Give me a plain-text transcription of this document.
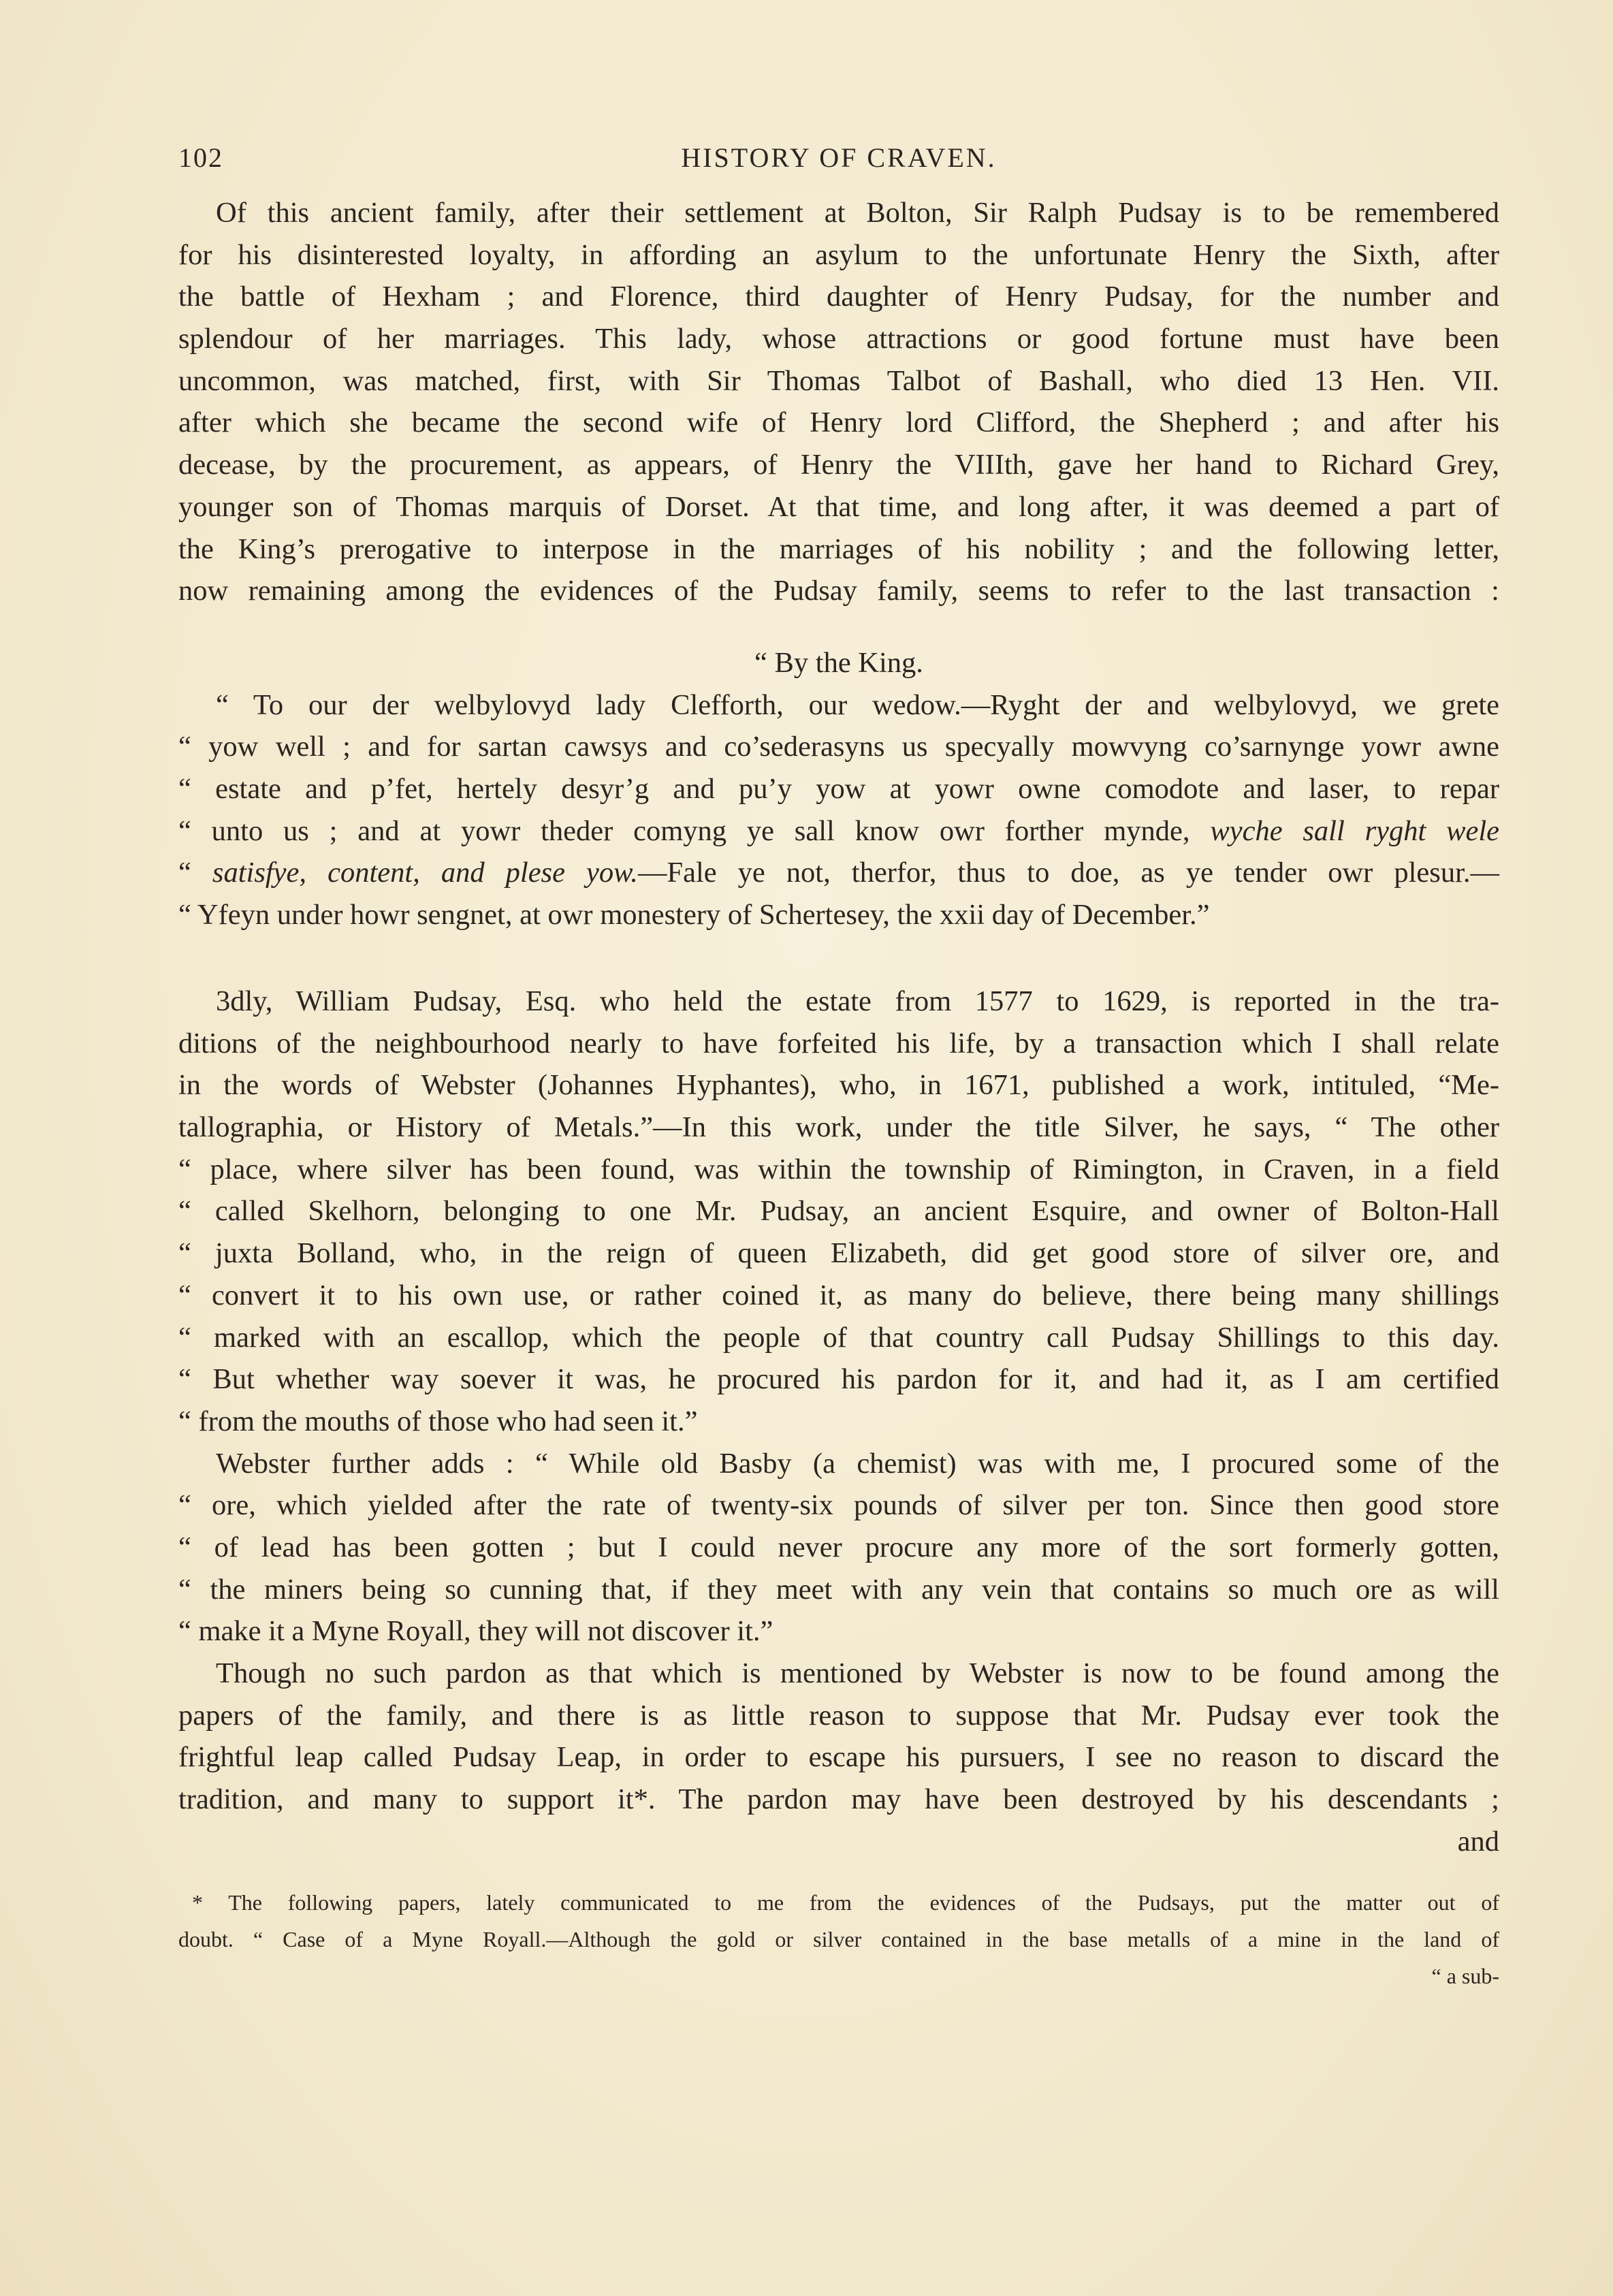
102	HISTORY OF CRAVEN.
Of this ancient family, after their settlement at Bolton, Sir Ralph Pudsay is to be remembered
for his disinterested loyalty, in affording an asylum to the unfortunate Henry the Sixth, after
the battle of Hexham ; and Florence, third daughter of Henry Pudsay, for the number and
splendour of her marriages. This lady, whose attractions or good fortune must have been
uncommon, was matched, first, with Sir Thomas Talbot of Bashall, who died 13 Hen. VII.
after which she became the second wife of Henry lord Clifford, the Shepherd ; and after his
decease, by the procurement, as appears, of Henry the VIIIth, gave her hand to Richard Grey,
younger son of Thomas marquis of Dorset. At that time, and long after, it was deemed a part of
the King’s prerogative to interpose in the marriages of his nobility ; and the following letter,
now remaining among the evidences of the Pudsay family, seems to refer to the last transaction :
“ By the King.
“ To our der welbylovyd lady Clefforth, our wedow.—Ryght der and welbylovyd, we grete
“ yow well ; and for sartan cawsys and co’sederasyns us specyally mowvyng co’sarnynge yowr awne
“ estate and p’fet, hertely desyr’g and pu’y yow at yowr owne comodote and laser, to repar
“ unto us ; and at yowr theder comyng ye sall know owr forther mynde, wyche sall ryght wele
“ satisfye, content, and plese yow.—Fale ye not, therfor, thus to doe, as ye tender owr plesur.—
“ Yfeyn under howr sengnet, at owr monestery of Schertesey, the xxii day of December.”
3dly, William Pudsay, Esq. who held the estate from 1577 to 1629, is reported in the tra-
ditions of the neighbourhood nearly to have forfeited his life, by a transaction which I shall relate
in the words of Webster (Johannes Hyphantes), who, in 1671, published a work, intituled, “Me-
tallographia, or History of Metals.”—In this work, under the title Silver, he says, “ The other
“ place, where silver has been found, was within the township of Rimington, in Craven, in a field
“ called Skelhorn, belonging to one Mr. Pudsay, an ancient Esquire, and owner of Bolton-Hall
“ juxta Bolland, who, in the reign of queen Elizabeth, did get good store of silver ore, and
“ convert it to his own use, or rather coined it, as many do believe, there being many shillings
“ marked with an escallop, which the people of that country call Pudsay Shillings to this day.
“ But whether way soever it was, he procured his pardon for it, and had it, as I am certified
“ from the mouths of those who had seen it.”
Webster further adds : “ While old Basby (a chemist) was with me, I procured some of the
“ ore, which yielded after the rate of twenty-six pounds of silver per ton. Since then good store
“ of lead has been gotten ; but I could never procure any more of the sort formerly gotten,
“ the miners being so cunning that, if they meet with any vein that contains so much ore as will
“ make it a Myne Royall, they will not discover it.”
Though no such pardon as that which is mentioned by Webster is now to be found among the
papers of the family, and there is as little reason to suppose that Mr. Pudsay ever took the
frightful leap called Pudsay Leap, in order to escape his pursuers, I see no reason to discard the
tradition, and many to support it*. The pardon may have been destroyed by his descendants ;
and
* The following papers, lately communicated to me from the evidences of the Pudsays, put the matter out of
doubt. “ Case of a Myne Royall.—Although the gold or silver contained in the base metalls of a mine in the land of
“ a sub-
